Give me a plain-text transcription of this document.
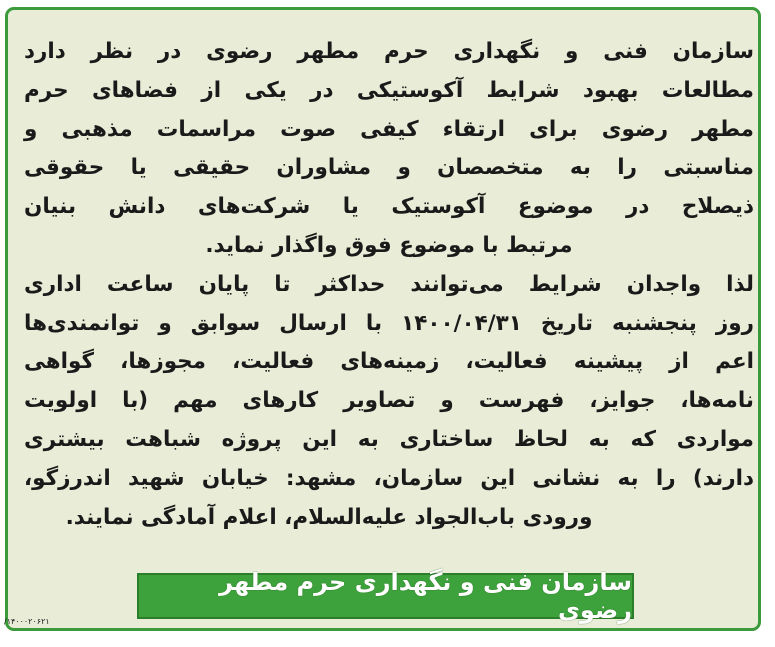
سازمان فنی و نگهداری حرم مطهر رضوی در نظر دارد
مطالعات بهبود شرایط آکوستیکی در یکی از فضاهای حرم
مطهر رضوی برای ارتقاء کیفی صوت مراسمات مذهبی و
مناسبتی را به متخصصان و مشاوران حقیقی یا حقوقی
ذیصلاح در موضوع آکوستیک یا شرکت‌های دانش بنیان
مرتبط با موضوع فوق واگذار نماید.
لذا واجدان شرایط می‌توانند حداکثر تا پایان ساعت اداری
روز پنجشنبه تاریخ ۱۴۰۰/۰۴/۳۱ با ارسال سوابق و توانمندی‌ها
اعم از پیشینه فعالیت، زمینه‌های فعالیت، مجوزها، گواهی
نامه‌ها، جوایز، فهرست و تصاویر کارهای مهم (با اولویت
مواردی که به لحاظ ساختاری به این پروژه شباهت بیشتری
دارند) را به نشانی این سازمان، مشهد: خیابان شهید اندرزگو،
ورودی باب‌الجواد علیه‌السلام، اعلام آمادگی نمایند.
سازمان فنی و نگهداری حرم مطهر رضوی
/۱۴۰۰۰۲۰۶۲۱
